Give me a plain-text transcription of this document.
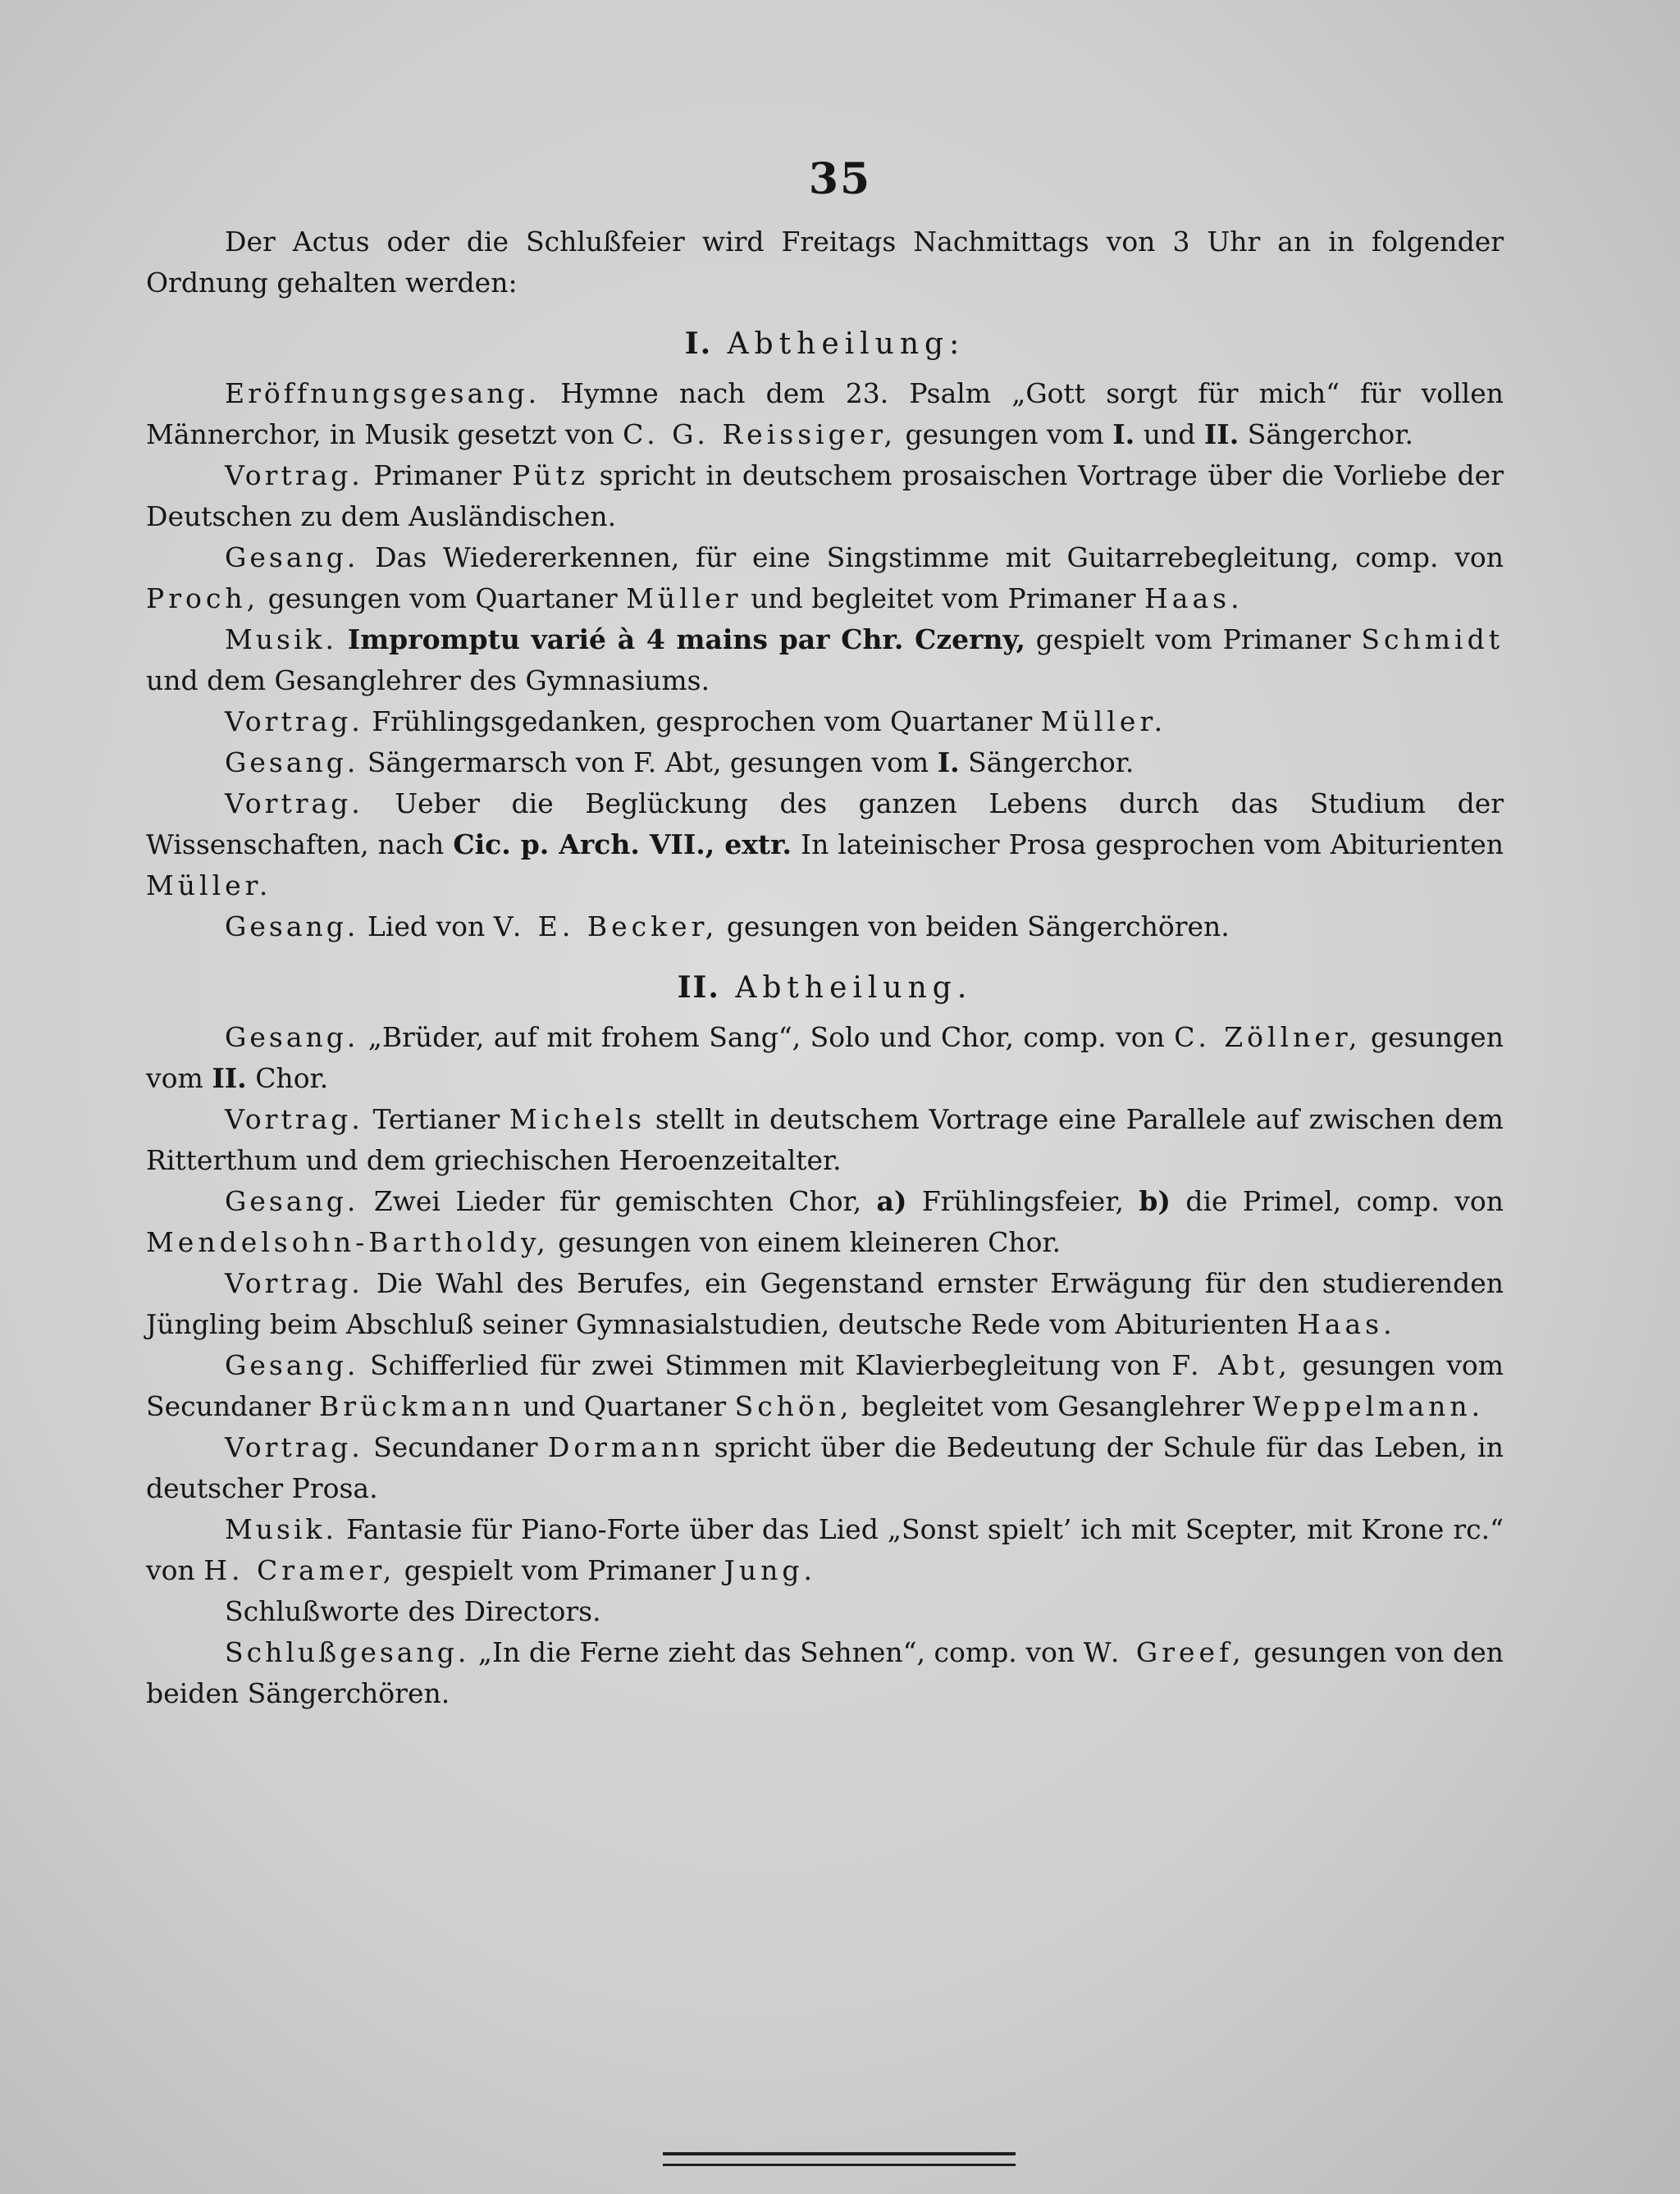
35

Der Actus oder die Schlußfeier wird Freitags Nachmittags von 3 Uhr an in folgender Ordnung gehalten werden:

I. Abtheilung:

Eröffnungsgesang. Hymne nach dem 23. Psalm „Gott sorgt für mich“ für vollen Männerchor, in Musik gesetzt von C. G. Reissiger, gesungen vom I. und II. Sängerchor.

Vortrag. Primaner Pütz spricht in deutschem prosaischen Vortrage über die Vorliebe der Deutschen zu dem Ausländischen.

Gesang. Das Wiedererkennen, für eine Singstimme mit Guitarrebegleitung, comp. von Proch, gesungen vom Quartaner Müller und begleitet vom Primaner Haas.

Musik. Impromptu varié à 4 mains par Chr. Czerny, gespielt vom Primaner Schmidt und dem Gesanglehrer des Gymnasiums.

Vortrag. Frühlingsgedanken, gesprochen vom Quartaner Müller.

Gesang. Sängermarsch von F. Abt, gesungen vom I. Sängerchor.

Vortrag. Ueber die Beglückung des ganzen Lebens durch das Studium der Wissenschaften, nach Cic. p. Arch. VII., extr. In lateinischer Prosa gesprochen vom Abiturienten Müller.

Gesang. Lied von V. E. Becker, gesungen von beiden Sängerchören.

II. Abtheilung.

Gesang. „Brüder, auf mit frohem Sang“, Solo und Chor, comp. von C. Zöllner, gesungen vom II. Chor.

Vortrag. Tertianer Michels stellt in deutschem Vortrage eine Parallele auf zwischen dem Ritterthum und dem griechischen Heroenzeitalter.

Gesang. Zwei Lieder für gemischten Chor, a) Frühlingsfeier, b) die Primel, comp. von Mendelsohn-Bartholdy, gesungen von einem kleineren Chor.

Vortrag. Die Wahl des Berufes, ein Gegenstand ernster Erwägung für den studierenden Jüngling beim Abschluß seiner Gymnasialstudien, deutsche Rede vom Abiturienten Haas.

Gesang. Schifferlied für zwei Stimmen mit Klavierbegleitung von F. Abt, gesungen vom Secundaner Brückmann und Quartaner Schön, begleitet vom Gesanglehrer Weppelmann.

Vortrag. Secundaner Dormann spricht über die Bedeutung der Schule für das Leben, in deutscher Prosa.

Musik. Fantasie für Piano-Forte über das Lied „Sonst spielt’ ich mit Scepter, mit Krone rc.“ von H. Cramer, gespielt vom Primaner Jung.

Schlußworte des Directors.

Schlußgesang. „In die Ferne zieht das Sehnen“, comp. von W. Greef, gesungen von den beiden Sängerchören.
